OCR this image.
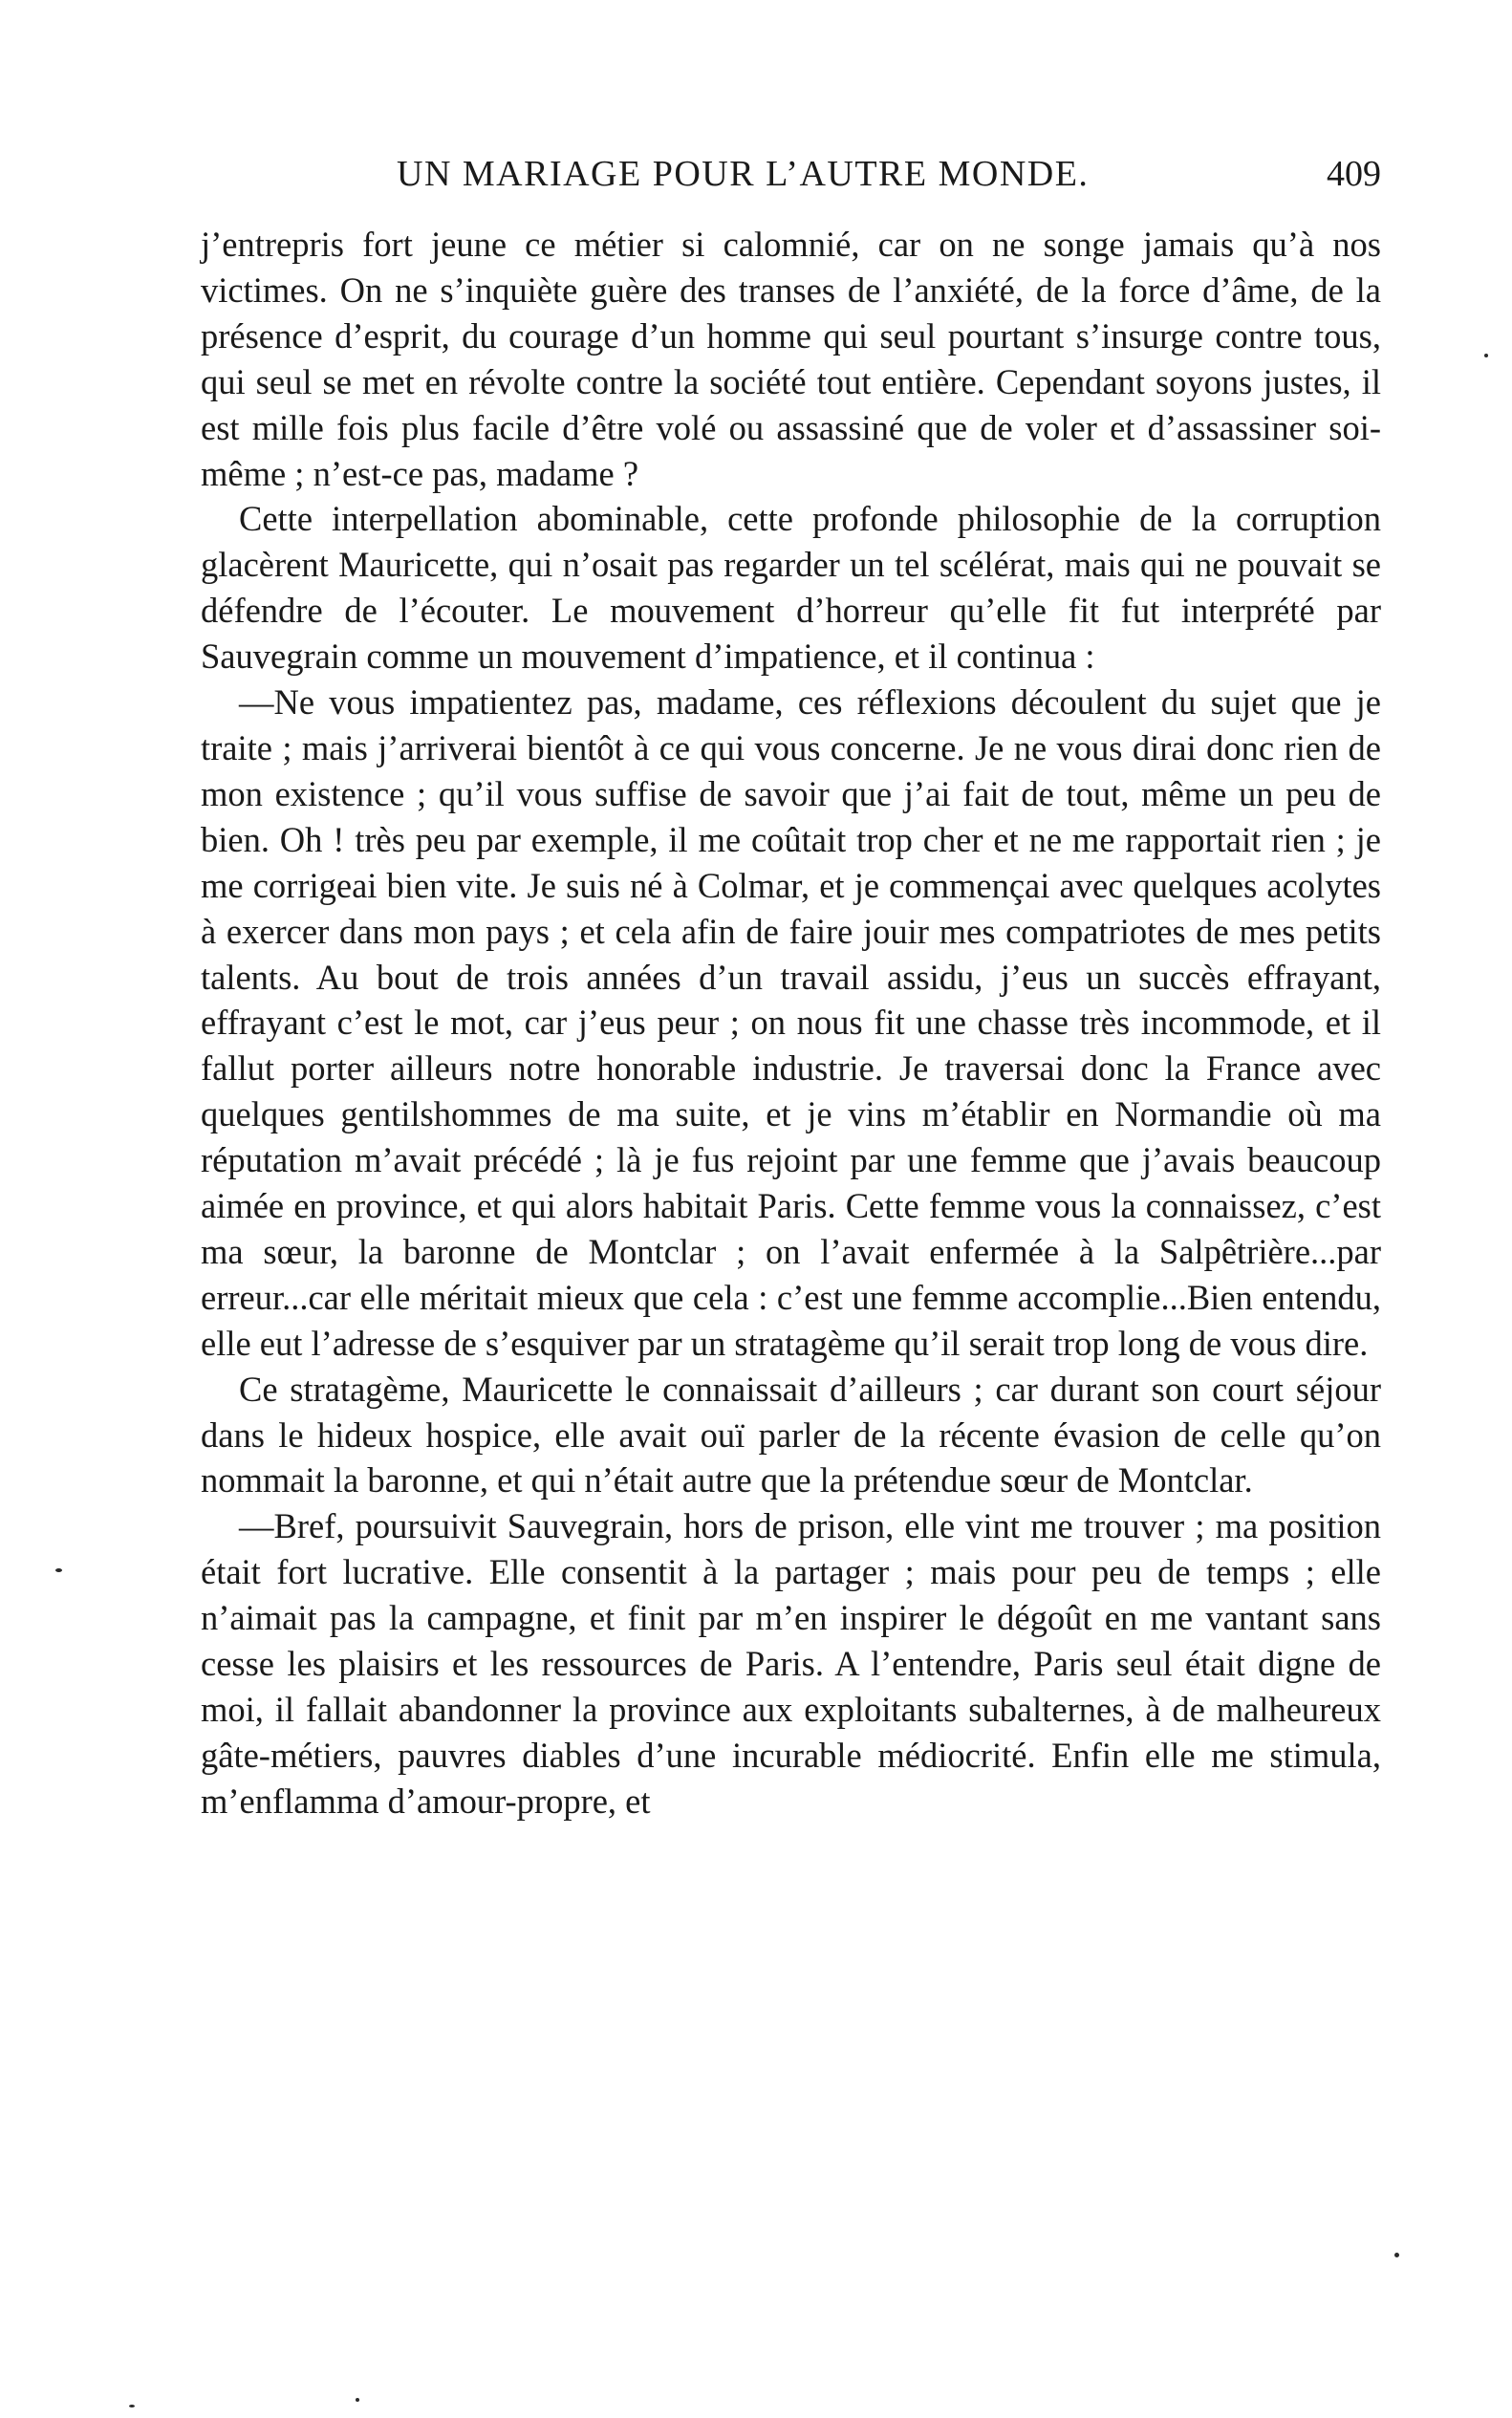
UN MARIAGE POUR L’AUTRE MONDE.	409

j’entrepris fort jeune ce métier si calomnié, car on ne songe jamais qu’à nos victimes. On ne s’inquiète guère des transes de l’anxiété, de la force d’âme, de la présence d’esprit, du courage d’un homme qui seul pourtant s’insurge contre tous, qui seul se met en révolte contre la société tout entière. Cependant soyons justes, il est mille fois plus facile d’être volé ou assassiné que de voler et d’assassiner soi-même ; n’est-ce pas, madame ?

Cette interpellation abominable, cette profonde philosophie de la corruption glacèrent Mauricette, qui n’osait pas regarder un tel scélérat, mais qui ne pouvait se défendre de l’écouter. Le mouvement d’horreur qu’elle fit fut interprété par Sauvegrain comme un mouvement d’impatience, et il continua :

—Ne vous impatientez pas, madame, ces réflexions découlent du sujet que je traite ; mais j’arriverai bientôt à ce qui vous concerne. Je ne vous dirai donc rien de mon existence ; qu’il vous suffise de savoir que j’ai fait de tout, même un peu de bien. Oh ! très peu par exemple, il me coûtait trop cher et ne me rapportait rien ; je me corrigeai bien vite. Je suis né à Colmar, et je commençai avec quelques acolytes à exercer dans mon pays ; et cela afin de faire jouir mes compatriotes de mes petits talents. Au bout de trois années d’un travail assidu, j’eus un succès effrayant, effrayant c’est le mot, car j’eus peur ; on nous fit une chasse très incommode, et il fallut porter ailleurs notre honorable industrie. Je traversai donc la France avec quelques gentilshommes de ma suite, et je vins m’établir en Normandie où ma réputation m’avait précédé ; là je fus rejoint par une femme que j’avais beaucoup aimée en province, et qui alors habitait Paris. Cette femme vous la connaissez, c’est ma sœur, la baronne de Montclar ; on l’avait enfermée à la Salpêtrière...par erreur...car elle méritait mieux que cela : c’est une femme accomplie...Bien entendu, elle eut l’adresse de s’esquiver par un stratagème qu’il serait trop long de vous dire.

Ce stratagème, Mauricette le connaissait d’ailleurs ; car durant son court séjour dans le hideux hospice, elle avait ouï parler de la récente évasion de celle qu’on nommait la baronne, et qui n’était autre que la prétendue sœur de Montclar.

—Bref, poursuivit Sauvegrain, hors de prison, elle vint me trouver ; ma position était fort lucrative. Elle consentit à la partager ; mais pour peu de temps ; elle n’aimait pas la campagne, et finit par m’en inspirer le dégoût en me vantant sans cesse les plaisirs et les ressources de Paris. A l’entendre, Paris seul était digne de moi, il fallait abandonner la province aux exploitants subalternes, à de malheureux gâte-métiers, pauvres diables d’une incurable médiocrité. Enfin elle me stimula, m’enflamma d’amour-propre, et
